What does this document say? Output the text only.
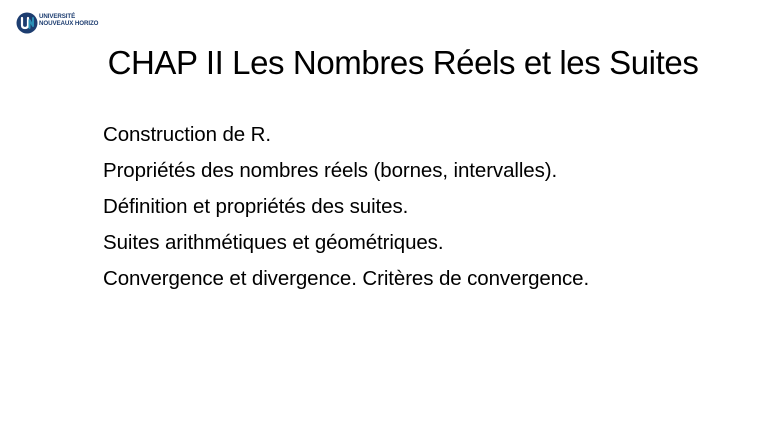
UNIVERSITÉ
NOUVEAUX HORIZO
CHAP II Les Nombres Réels et les Suites
Construction de R.
Propriétés des nombres réels (bornes, intervalles).
Définition et propriétés des suites.
Suites arithmétiques et géométriques.
Convergence et divergence. Critères de convergence.
